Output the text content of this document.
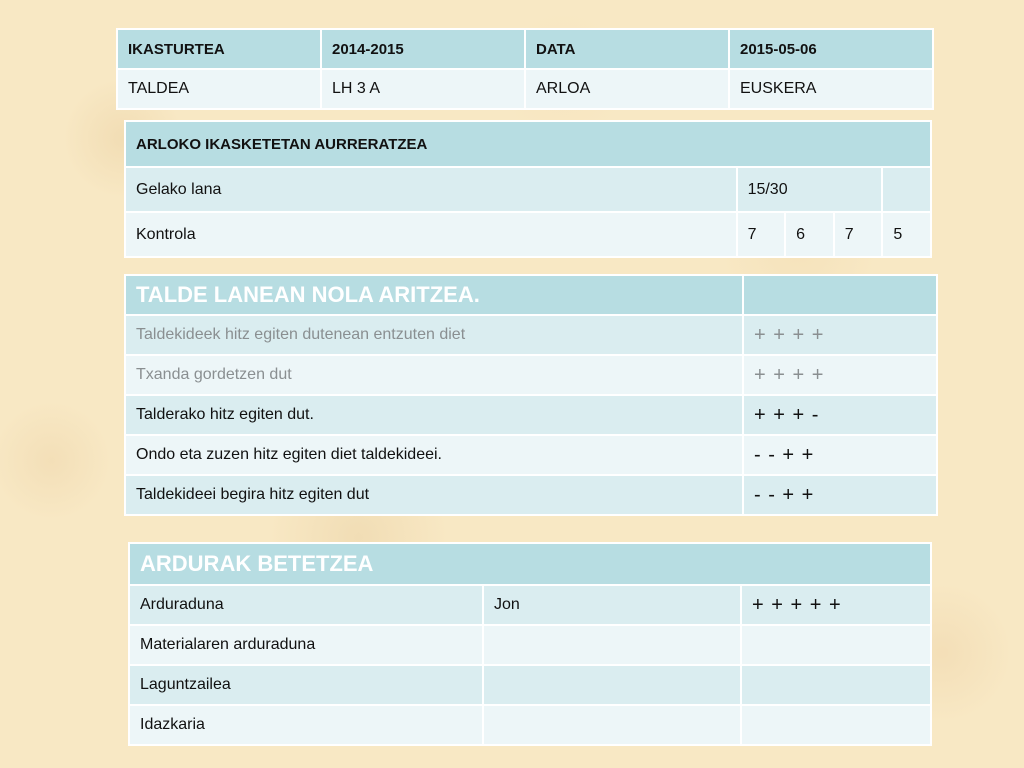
IKASTURTEA	2014-2015	DATA	2015-05-06
TALDEA	LH 3 A	ARLOA	EUSKERA
ARLOKO IKASKETETAN AURRERATZEA				
Gelako lana	15/30			
Kontrola	7	6	7	5
TALDE LANEAN NOLA ARITZEA.	
Taldekideek hitz egiten dutenean entzuten diet	+ + + +
Txanda gordetzen dut	+ + + +
Talderako hitz egiten dut.	+ + + -
Ondo eta zuzen hitz egiten diet taldekideei.	- - + +
Taldekideei begira hitz egiten dut	- - + +
ARDURAK BETETZEA		
Arduraduna	Jon	+ + + + +
Materialaren arduraduna		
Laguntzailea		
Idazkaria		
